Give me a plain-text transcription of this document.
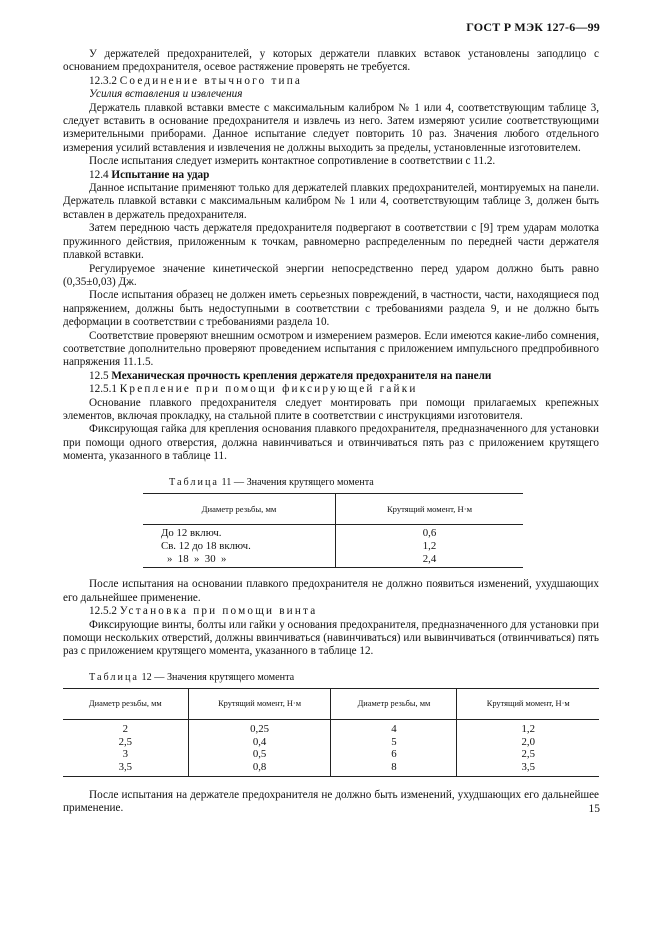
ГОСТ Р МЭК 127-6—99

У держателей предохранителей, у которых держатели плавких вставок установлены заподлицо с основанием предохранителя, осевое растяжение проверять не требуется.

12.3.2 Соединение втычного типа

Усилия вставления и извлечения

Держатель плавкой вставки вместе с максимальным калибром № 1 или 4, соответствующим таблице 3, следует вставить в основание предохранителя и извлечь из него. Затем измеряют усилие соответствующими измерительными приборами. Данное испытание следует повторить 10 раз. Значения любого отдельного измерения усилий вставления и извлечения не должны выходить за пределы, установленные изготовителем.

После испытания следует измерить контактное сопротивление в соответствии с 11.2.

12.4 Испытание на удар

Данное испытание применяют только для держателей плавких предохранителей, монтируемых на панели. Держатель плавкой вставки с максимальным калибром № 1 или 4, соответствующим таблице 3, должен быть вставлен в держатель предохранителя.

Затем переднюю часть держателя предохранителя подвергают в соответствии с [9] трем ударам молотка пружинного действия, приложенным к точкам, равномерно распределенным по передней части держателя плавкой вставки.

Регулируемое значение кинетической энергии непосредственно перед ударом должно быть равно (0,35±0,03) Дж.

После испытания образец не должен иметь серьезных повреждений, в частности, части, находящиеся под напряжением, должны быть недоступными в соответствии с требованиями раздела 9, и не должно быть деформации в соответствии с требованиями раздела 10.

Соответствие проверяют внешним осмотром и измерением размеров. Если имеются какие-либо сомнения, соответствие дополнительно проверяют проведением испытания с приложением импульсного предпробивного напряжения 11.1.5.

12.5 Механическая прочность крепления держателя предохранителя на панели

12.5.1 Крепление при помощи фиксирующей гайки

Основание плавкого предохранителя следует монтировать при помощи прилагаемых крепежных элементов, включая прокладку, на стальной плите в соответствии с инструкциями изготовителя.

Фиксирующая гайка для крепления основания плавкого предохранителя, предназначенного для установки при помощи одного отверстия, должна навинчиваться и отвинчиваться пять раз с приложением крутящего момента, указанного в таблице 11.

Таблица 11 — Значения крутящего момента

Диаметр резьбы, мм	Крутящий момент, Н·м
До 12 включ.	0,6
Св. 12 до 18 включ.	1,2
»  18  »  30  »	2,4

После испытания на основании плавкого предохранителя не должно появиться изменений, ухудшающих его дальнейшее применение.

12.5.2 Установка при помощи винта

Фиксирующие винты, болты или гайки у основания предохранителя, предназначенного для установки при помощи нескольких отверстий, должны ввинчиваться (навинчиваться) или вывинчиваться (отвинчиваться) пять раз с приложением крутящего момента, указанного в таблице 12.

Таблица 12 — Значения крутящего момента

Диаметр резьбы, мм	Крутящий момент, Н·м	Диаметр резьбы, мм	Крутящий момент, Н·м
2	0,25	4	1,2
2,5	0,4	5	2,0
3	0,5	6	2,5
3,5	0,8	8	3,5

После испытания на держателе предохранителя не должно быть изменений, ухудшающих его дальнейшее применение.	15
